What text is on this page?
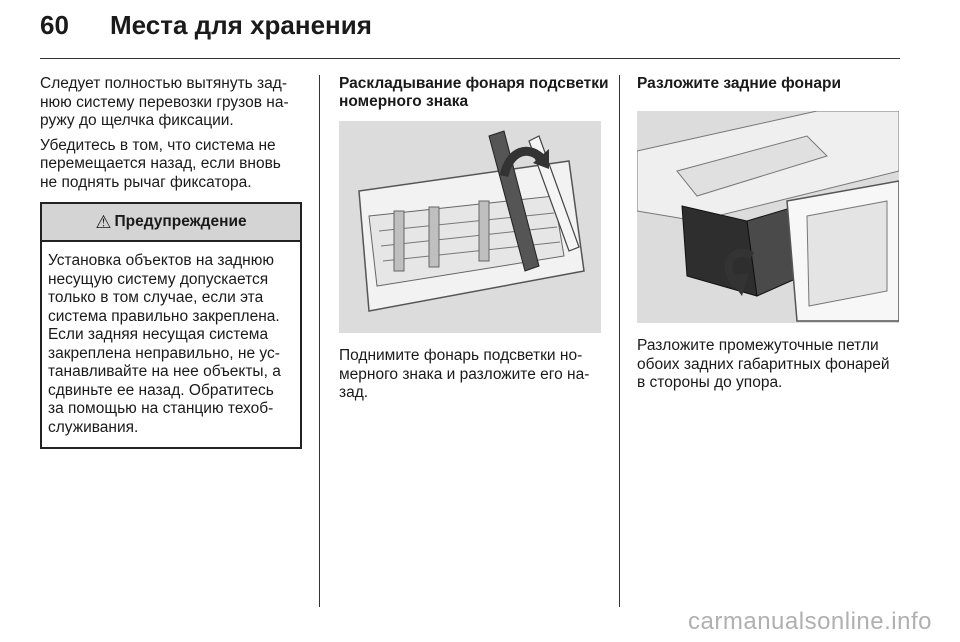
60	Места для хранения

Следует полностью вытянуть зад-
нюю систему перевозки грузов на-
ружу до щелчка фиксации.

Убедитесь в том, что система не
перемещается назад, если вновь
не поднять рычаг фиксатора.

⚠ Предупреждение
Установка объектов на заднюю
несущую систему допускается
только в том случае, если эта
система правильно закреплена.
Если задняя несущая система
закреплена неправильно, не ус-
танавливайте на нее объекты, а
сдвиньте ее назад. Обратитесь
за помощью на станцию техоб-
служивания.
Раскладывание фонаря подсветки
номерного знака
Поднимите фонарь подсветки но-
мерного знака и разложите его на-
зад.
Разложите задние фонари
Разложите промежуточные петли
обоих задних габаритных фонарей
в стороны до упора.
carmanualsonline.info
